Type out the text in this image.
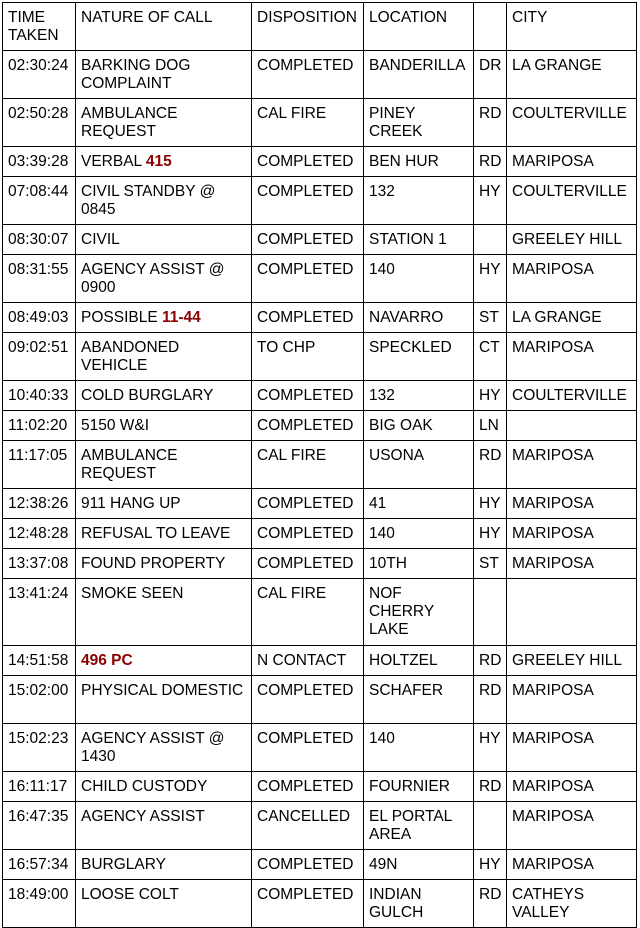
TIME TAKEN	NATURE OF CALL	DISPOSITION	LOCATION		CITY
02:30:24	BARKING DOG COMPLAINT	COMPLETED	BANDERILLA	DR	LA GRANGE
02:50:28	AMBULANCE REQUEST	CAL FIRE	PINEY CREEK	RD	COULTERVILLE
03:39:28	VERBAL 415	COMPLETED	BEN HUR	RD	MARIPOSA
07:08:44	CIVIL STANDBY @ 0845	COMPLETED	132	HY	COULTERVILLE
08:30:07	CIVIL	COMPLETED	STATION 1		GREELEY HILL
08:31:55	AGENCY ASSIST @ 0900	COMPLETED	140	HY	MARIPOSA
08:49:03	POSSIBLE 11-44	COMPLETED	NAVARRO	ST	LA GRANGE
09:02:51	ABANDONED VEHICLE	TO CHP	SPECKLED	CT	MARIPOSA
10:40:33	COLD BURGLARY	COMPLETED	132	HY	COULTERVILLE
11:02:20	5150 W&I	COMPLETED	BIG OAK	LN	
11:17:05	AMBULANCE REQUEST	CAL FIRE	USONA	RD	MARIPOSA
12:38:26	911 HANG UP	COMPLETED	41	HY	MARIPOSA
12:48:28	REFUSAL TO LEAVE	COMPLETED	140	HY	MARIPOSA
13:37:08	FOUND PROPERTY	COMPLETED	10TH	ST	MARIPOSA
13:41:24	SMOKE SEEN	CAL FIRE	NOF CHERRY LAKE		
14:51:58	496 PC	N CONTACT	HOLTZEL	RD	GREELEY HILL
15:02:00	PHYSICAL DOMESTIC	COMPLETED	SCHAFER	RD	MARIPOSA
15:02:23	AGENCY ASSIST @ 1430	COMPLETED	140	HY	MARIPOSA
16:11:17	CHILD CUSTODY	COMPLETED	FOURNIER	RD	MARIPOSA
16:47:35	AGENCY ASSIST	CANCELLED	EL PORTAL AREA		MARIPOSA
16:57:34	BURGLARY	COMPLETED	49N	HY	MARIPOSA
18:49:00	LOOSE COLT	COMPLETED	INDIAN GULCH	RD	CATHEYS VALLEY
